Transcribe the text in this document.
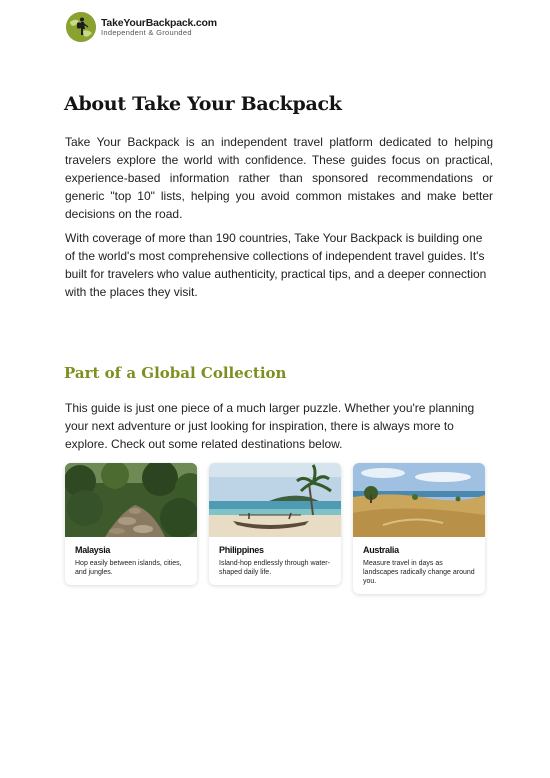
TakeYourBackpack.com
Independent & Grounded
About Take Your Backpack

Take Your Backpack is an independent travel platform dedicated to helping travelers explore the world with confidence. These guides focus on practical, experience-based information rather than sponsored recommendations or generic "top 10" lists, helping you avoid common mistakes and make better decisions on the road.

With coverage of more than 190 countries, Take Your Backpack is building one of the world's most comprehensive collections of independent travel guides. It's built for travelers who value authenticity, practical tips, and a deeper connection with the places they visit.

Part of a Global Collection

This guide is just one piece of a much larger puzzle. Whether you're planning your next adventure or just looking for inspiration, there is always more to explore. Check out some related destinations below.

Malaysia
Hop easily between islands, cities, and jungles.
Philippines
Island-hop endlessly through water-shaped daily life.
Australia
Measure travel in days as landscapes radically change around you.
